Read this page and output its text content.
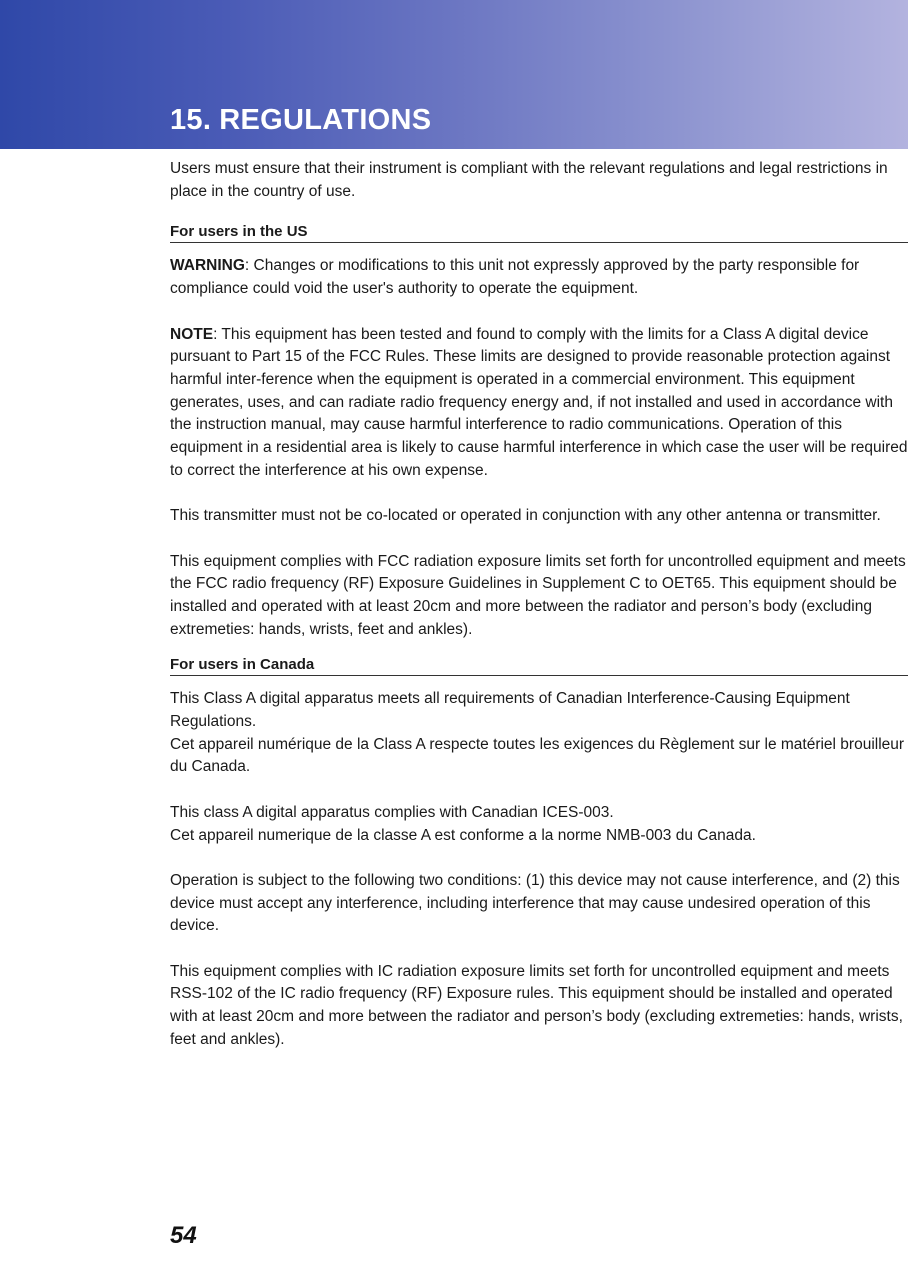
15. REGULATIONS

Users must ensure that their instrument is compliant with the relevant regulations and legal restrictions in place in the country of use.

For users in the US

WARNING: Changes or modifications to this unit not expressly approved by the party responsible for compliance could void the user's authority to operate the equipment.

NOTE: This equipment has been tested and found to comply with the limits for a Class A digital device pursuant to Part 15 of the FCC Rules. These limits are designed to provide reasonable protection against harmful inter-ference when the equipment is operated in a commercial environment. This equipment generates, uses, and can radiate radio frequency energy and, if not installed and used in accordance with the instruction manual, may cause harmful interference to radio communications. Operation of this equipment in a residential area is likely to cause harmful interference in which case the user will be required to correct the interference at his own expense.

This transmitter must not be co-located or operated in conjunction with any other antenna or transmitter.

This equipment complies with FCC radiation exposure limits set forth for uncontrolled equipment and meets the FCC radio frequency (RF) Exposure Guidelines in Supplement C to OET65. This equipment should be installed and operated with at least 20cm and more between the radiator and person’s body (excluding extremeties: hands, wrists, feet and ankles).

For users in Canada

This Class A digital apparatus meets all requirements of Canadian Interference-Causing Equipment Regulations.

Cet appareil numérique de la Class A respecte toutes les exigences du Règlement sur le matériel brouilleur du Canada.

This class A digital apparatus complies with Canadian ICES-003.

Cet appareil numerique de la classe A est conforme a la norme NMB-003 du Canada.

Operation is subject to the following two conditions: (1) this device may not cause interference, and (2) this device must accept any interference, including interference that may cause undesired operation of this device.

This equipment complies with IC radiation exposure limits set forth for uncontrolled equipment and meets RSS-102 of the IC radio frequency (RF) Exposure rules. This equipment should be installed and operated with at least 20cm and more between the radiator and person’s body (excluding extremeties: hands, wrists, feet and ankles).

54
